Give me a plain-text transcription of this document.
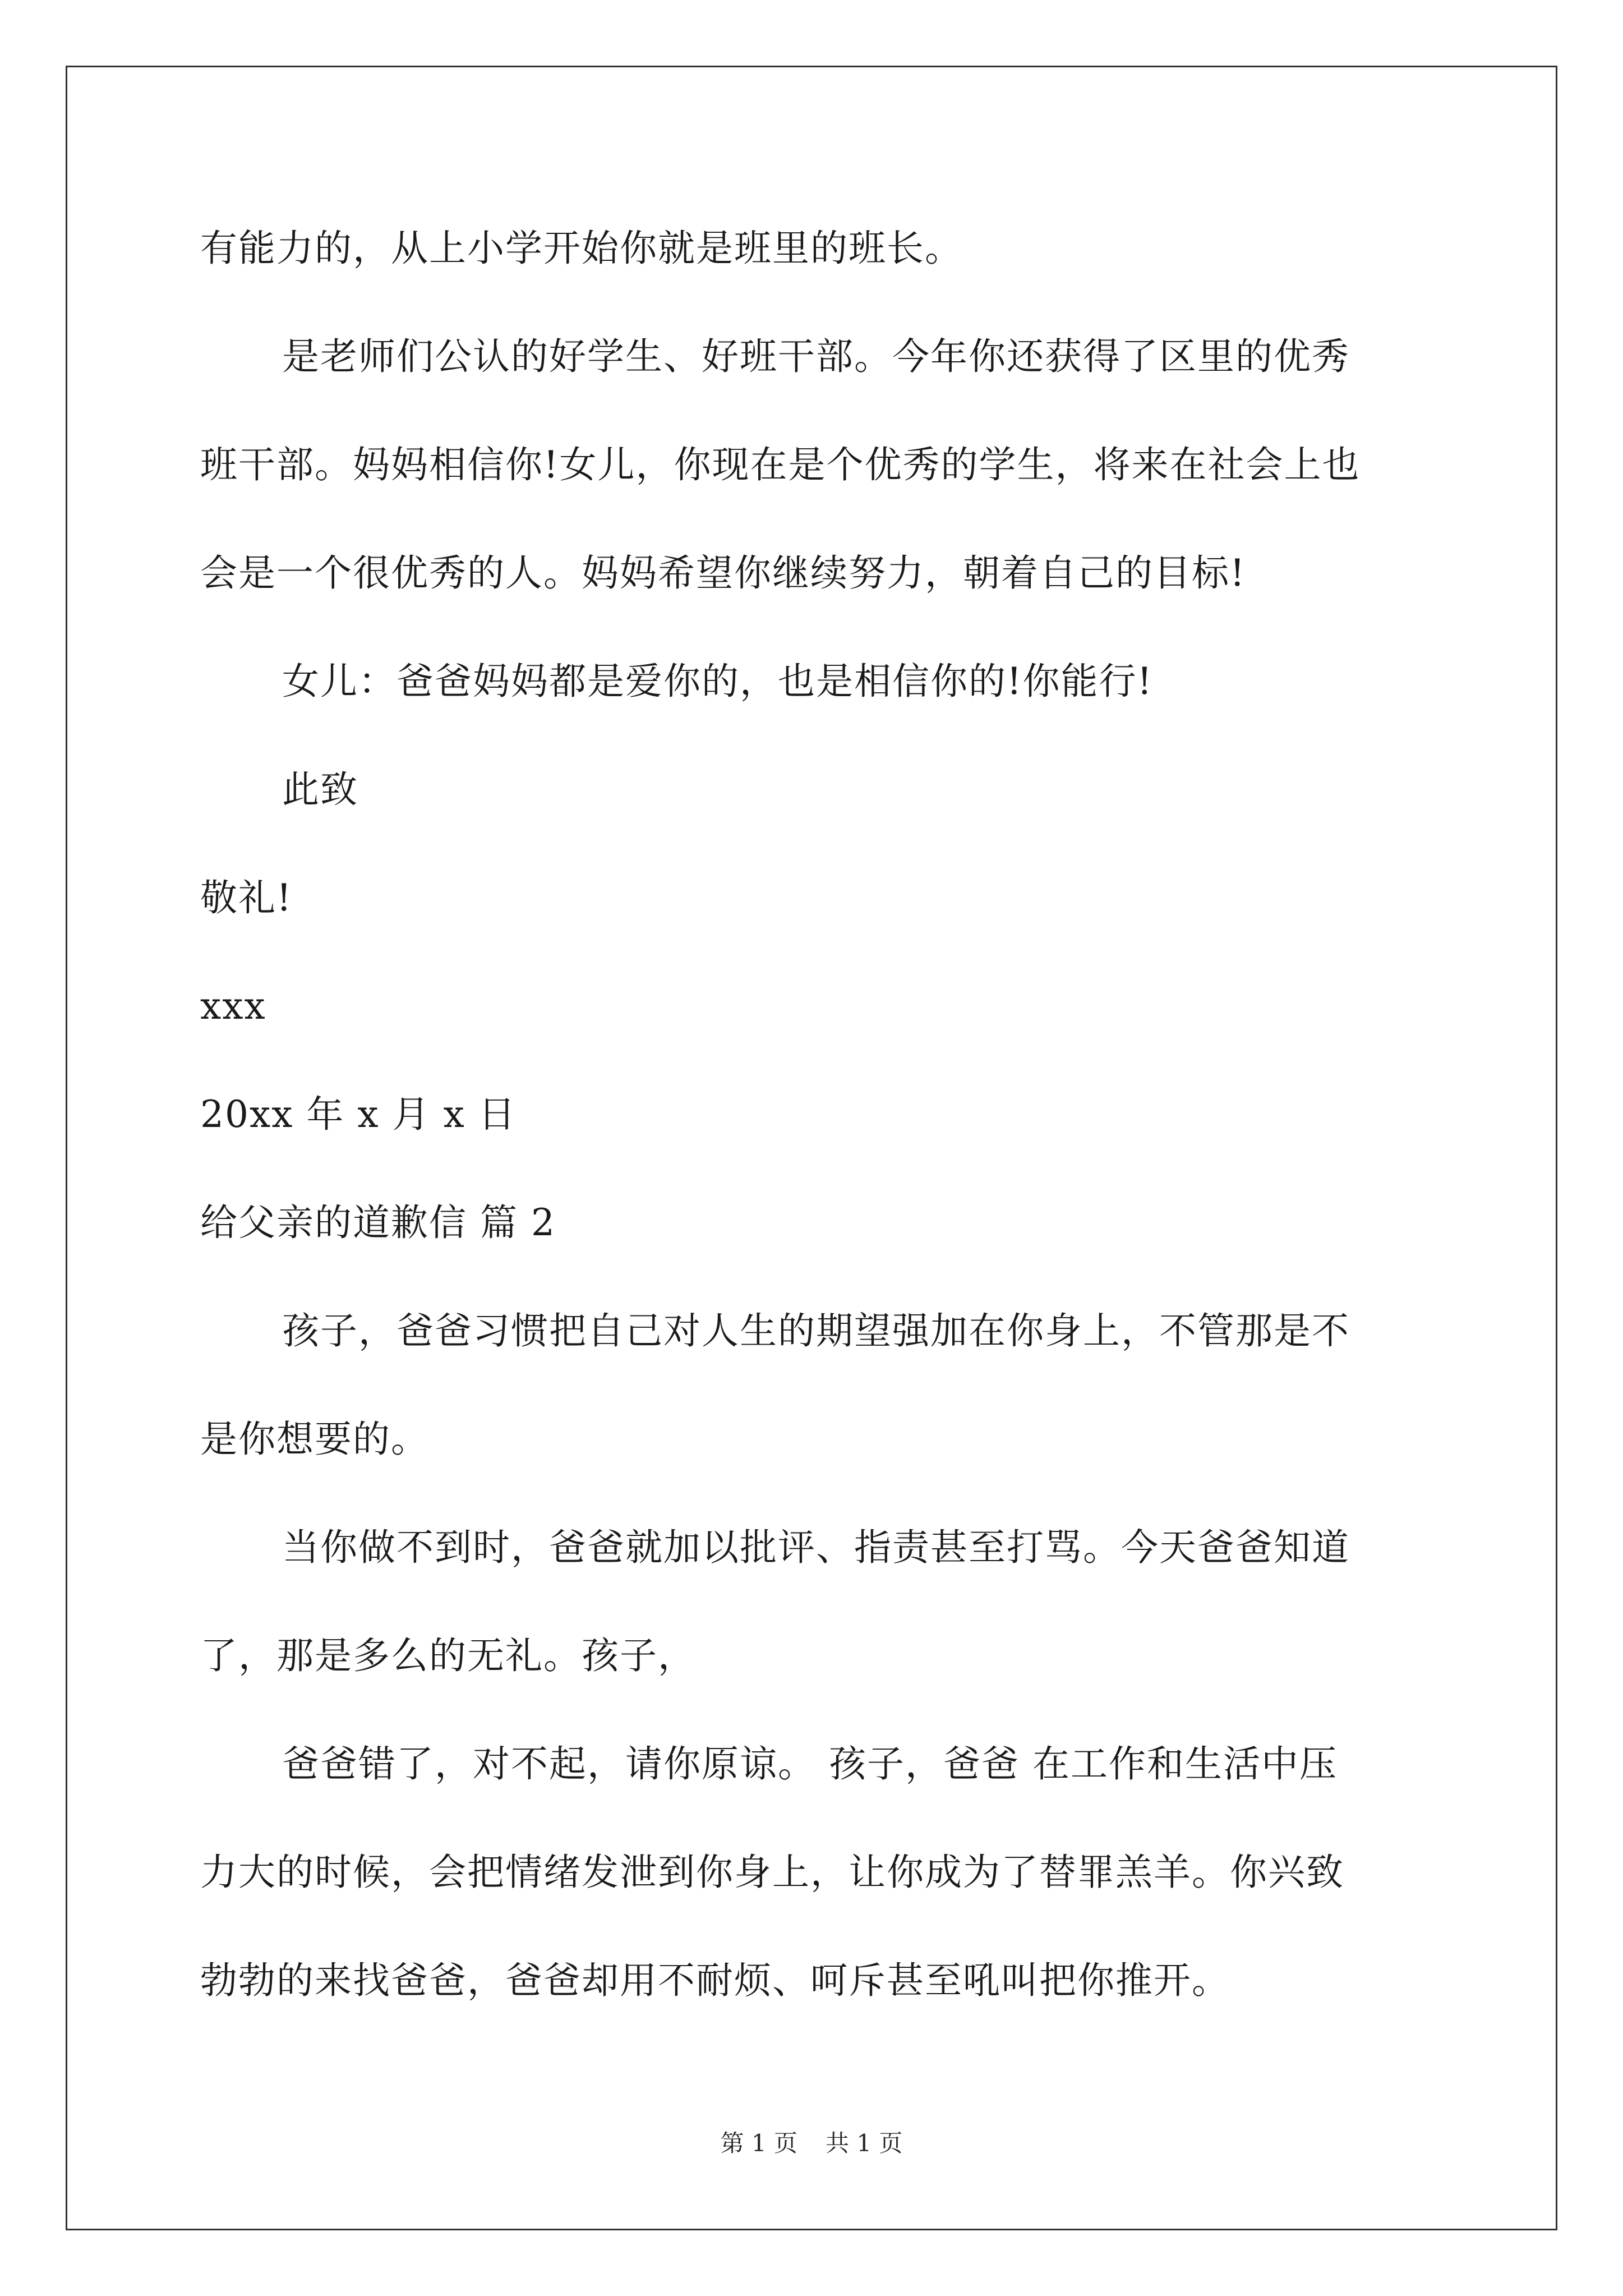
有能力的，从上小学开始你就是班里的班长。
是老师们公认的好学生、好班干部。今年你还获得了区里的优秀
班干部。妈妈相信你!女儿，你现在是个优秀的学生，将来在社会上也
会是一个很优秀的人。妈妈希望你继续努力，朝着自己的目标!
女儿：爸爸妈妈都是爱你的，也是相信你的!你能行!
此致
敬礼!
xxx
20xx 年 x 月 x 日
给父亲的道歉信 篇 2
孩子，爸爸习惯把自己对人生的期望强加在你身上，不管那是不
是你想要的。
当你做不到时，爸爸就加以批评、指责甚至打骂。今天爸爸知道
了，那是多么的无礼。孩子，
爸爸错了，对不起，请你原谅。 孩子，爸爸 在工作和生活中压
力大的时候，会把情绪发泄到你身上，让你成为了替罪羔羊。你兴致
勃勃的来找爸爸，爸爸却用不耐烦、呵斥甚至吼叫把你推开。
第 1 页 共 1 页
